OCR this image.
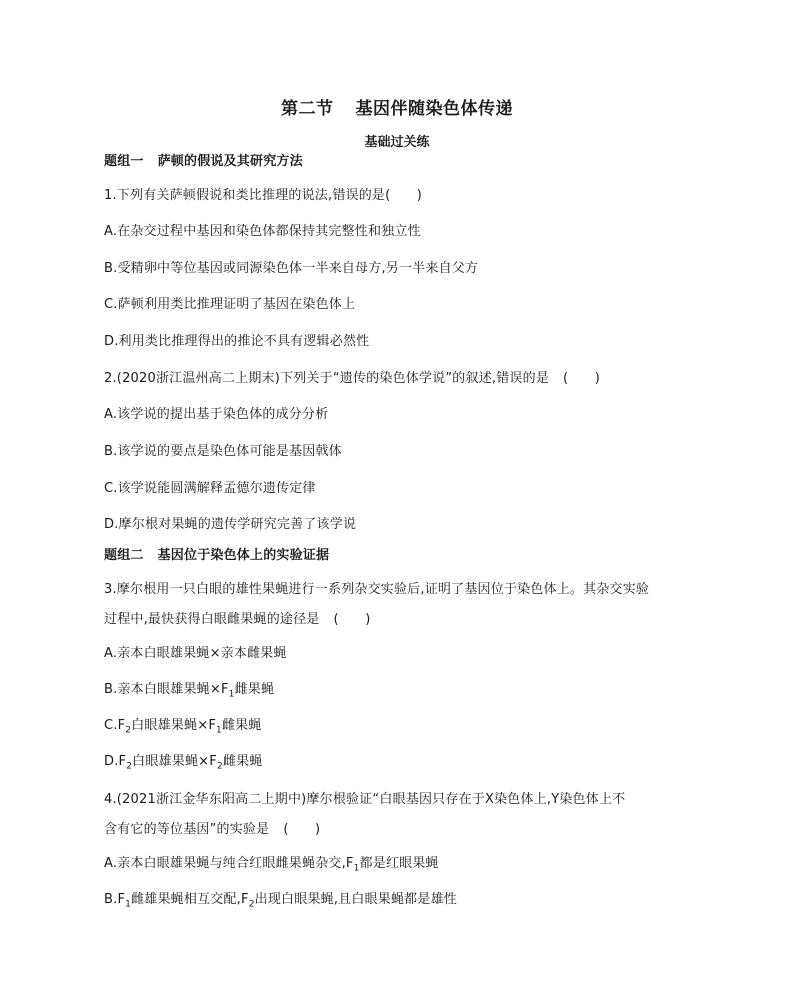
第二节 基因伴随染色体传递
基础过关练
题组一 萨顿的假说及其研究方法
1.下列有关萨顿假说和类比推理的说法,错误的是(　　)
A.在杂交过程中基因和染色体都保持其完整性和独立性
B.受精卵中等位基因或同源染色体一半来自母方,另一半来自父方
C.萨顿利用类比推理证明了基因在染色体上
D.利用类比推理得出的推论不具有逻辑必然性
2.(2020浙江温州高二上期末)下列关于“遗传的染色体学说”的叙述,错误的是 (　　)
A.该学说的提出基于染色体的成分分析
B.该学说的要点是染色体可能是基因戟体
C.该学说能圆满解释孟德尔遗传定律
D.摩尔根对果蝇的遗传学研究完善了该学说
题组二 基因位于染色体上的实验证据
3.摩尔根用一只白眼的雄性果蝇进行一系列杂交实验后,证明了基因位于染色体上。其杂交实验
过程中,最快获得白眼雌果蝇的途径是 (　　)
A.亲本白眼雄果蝇×亲本雌果蝇
B.亲本白眼雄果蝇$\times F_1$雌果蝇
$C.F_2$白眼雄果蝇$\times F_1$雌果蝇
$D.F_2$白眼雄果蝇$\times F_2$雌果蝇
4.(2021浙江金华东阳高二上期中)摩尔根验证“白眼基因只存在于X染色体上,Y染色体上不
含有它的等位基因”的实验是 (　　)
A.亲本白眼雄果蝇与纯合红眼雌果蝇杂交$,F_1$都是红眼果蝇
$B.F_1$雌雄果蝇相互交配$,F_2$出现白眼果蝇,且白眼果蝇都是雄性
